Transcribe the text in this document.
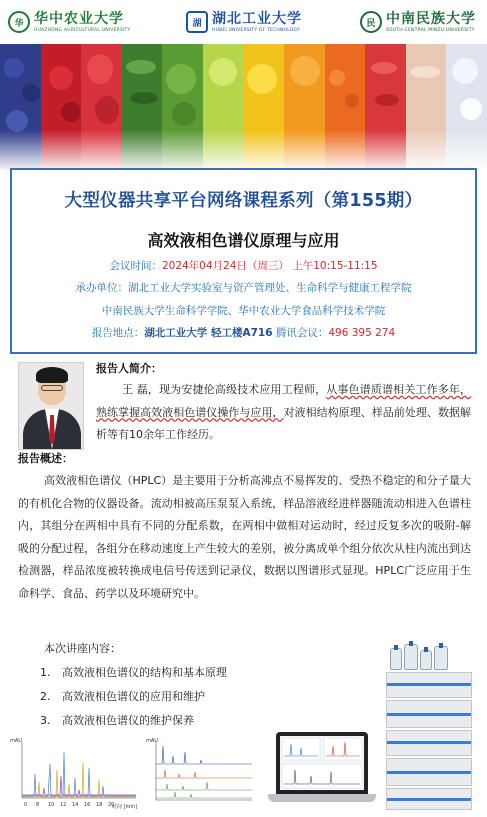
华 华中农业大学
HUAZHONG AGRICULTURAL UNIVERSITY
湖 湖北工业大学
HUBEI UNIVERSITY OF TECHNOLOGY
民 中南民族大学
SOUTH-CENTRAL MINZU UNIVERSITY
大型仪器共享平台网络课程系列（第155期）
高效液相色谱仪原理与应用
会议时间：2024年04月24日（周三） 上午10:15-11:15
承办单位：湖北工业大学实验室与资产管理处、生命科学与健康工程学院
中南民族大学生命科学学院、华中农业大学食品科学技术学院
报告地点：湖北工业大学 轻工楼A716 腾讯会议：496 395 274
报告人简介：
王 磊，现为安捷伦高级技术应用工程师，从事色谱质谱相关工作多年，熟练掌握高效液相色谱仪操作与应用，对液相结构原理、样品前处理、数据解析等有10余年工作经历。
报告概述：
高效液相色谱仪（HPLC）是主要用于分析高沸点不易挥发的、受热不稳定的和分子量大的有机化合物的仪器设备。流动相被高压泵泵入系统，样品溶液经进样器随流动相进入色谱柱内，其组分在两相中具有不同的分配系数，在两相中做相对运动时，经过反复多次的吸附-解吸的分配过程，各组分在移动速度上产生较大的差别，被分离成单个组分依次从柱内流出到达检测器，样品浓度被转换成电信号传送到记录仪，数据以图谱形式显现。HPLC广泛应用于生命科学、食品、药学以及环境研究中。
本次讲座内容：
1. 高效液相色谱仪的结构和基本原理
2. 高效液相色谱仪的应用和维护
3. 高效液相色谱仪的维护保养
mAU
0 8 10 12 14 16 18 20
时间 [min]
mAU
